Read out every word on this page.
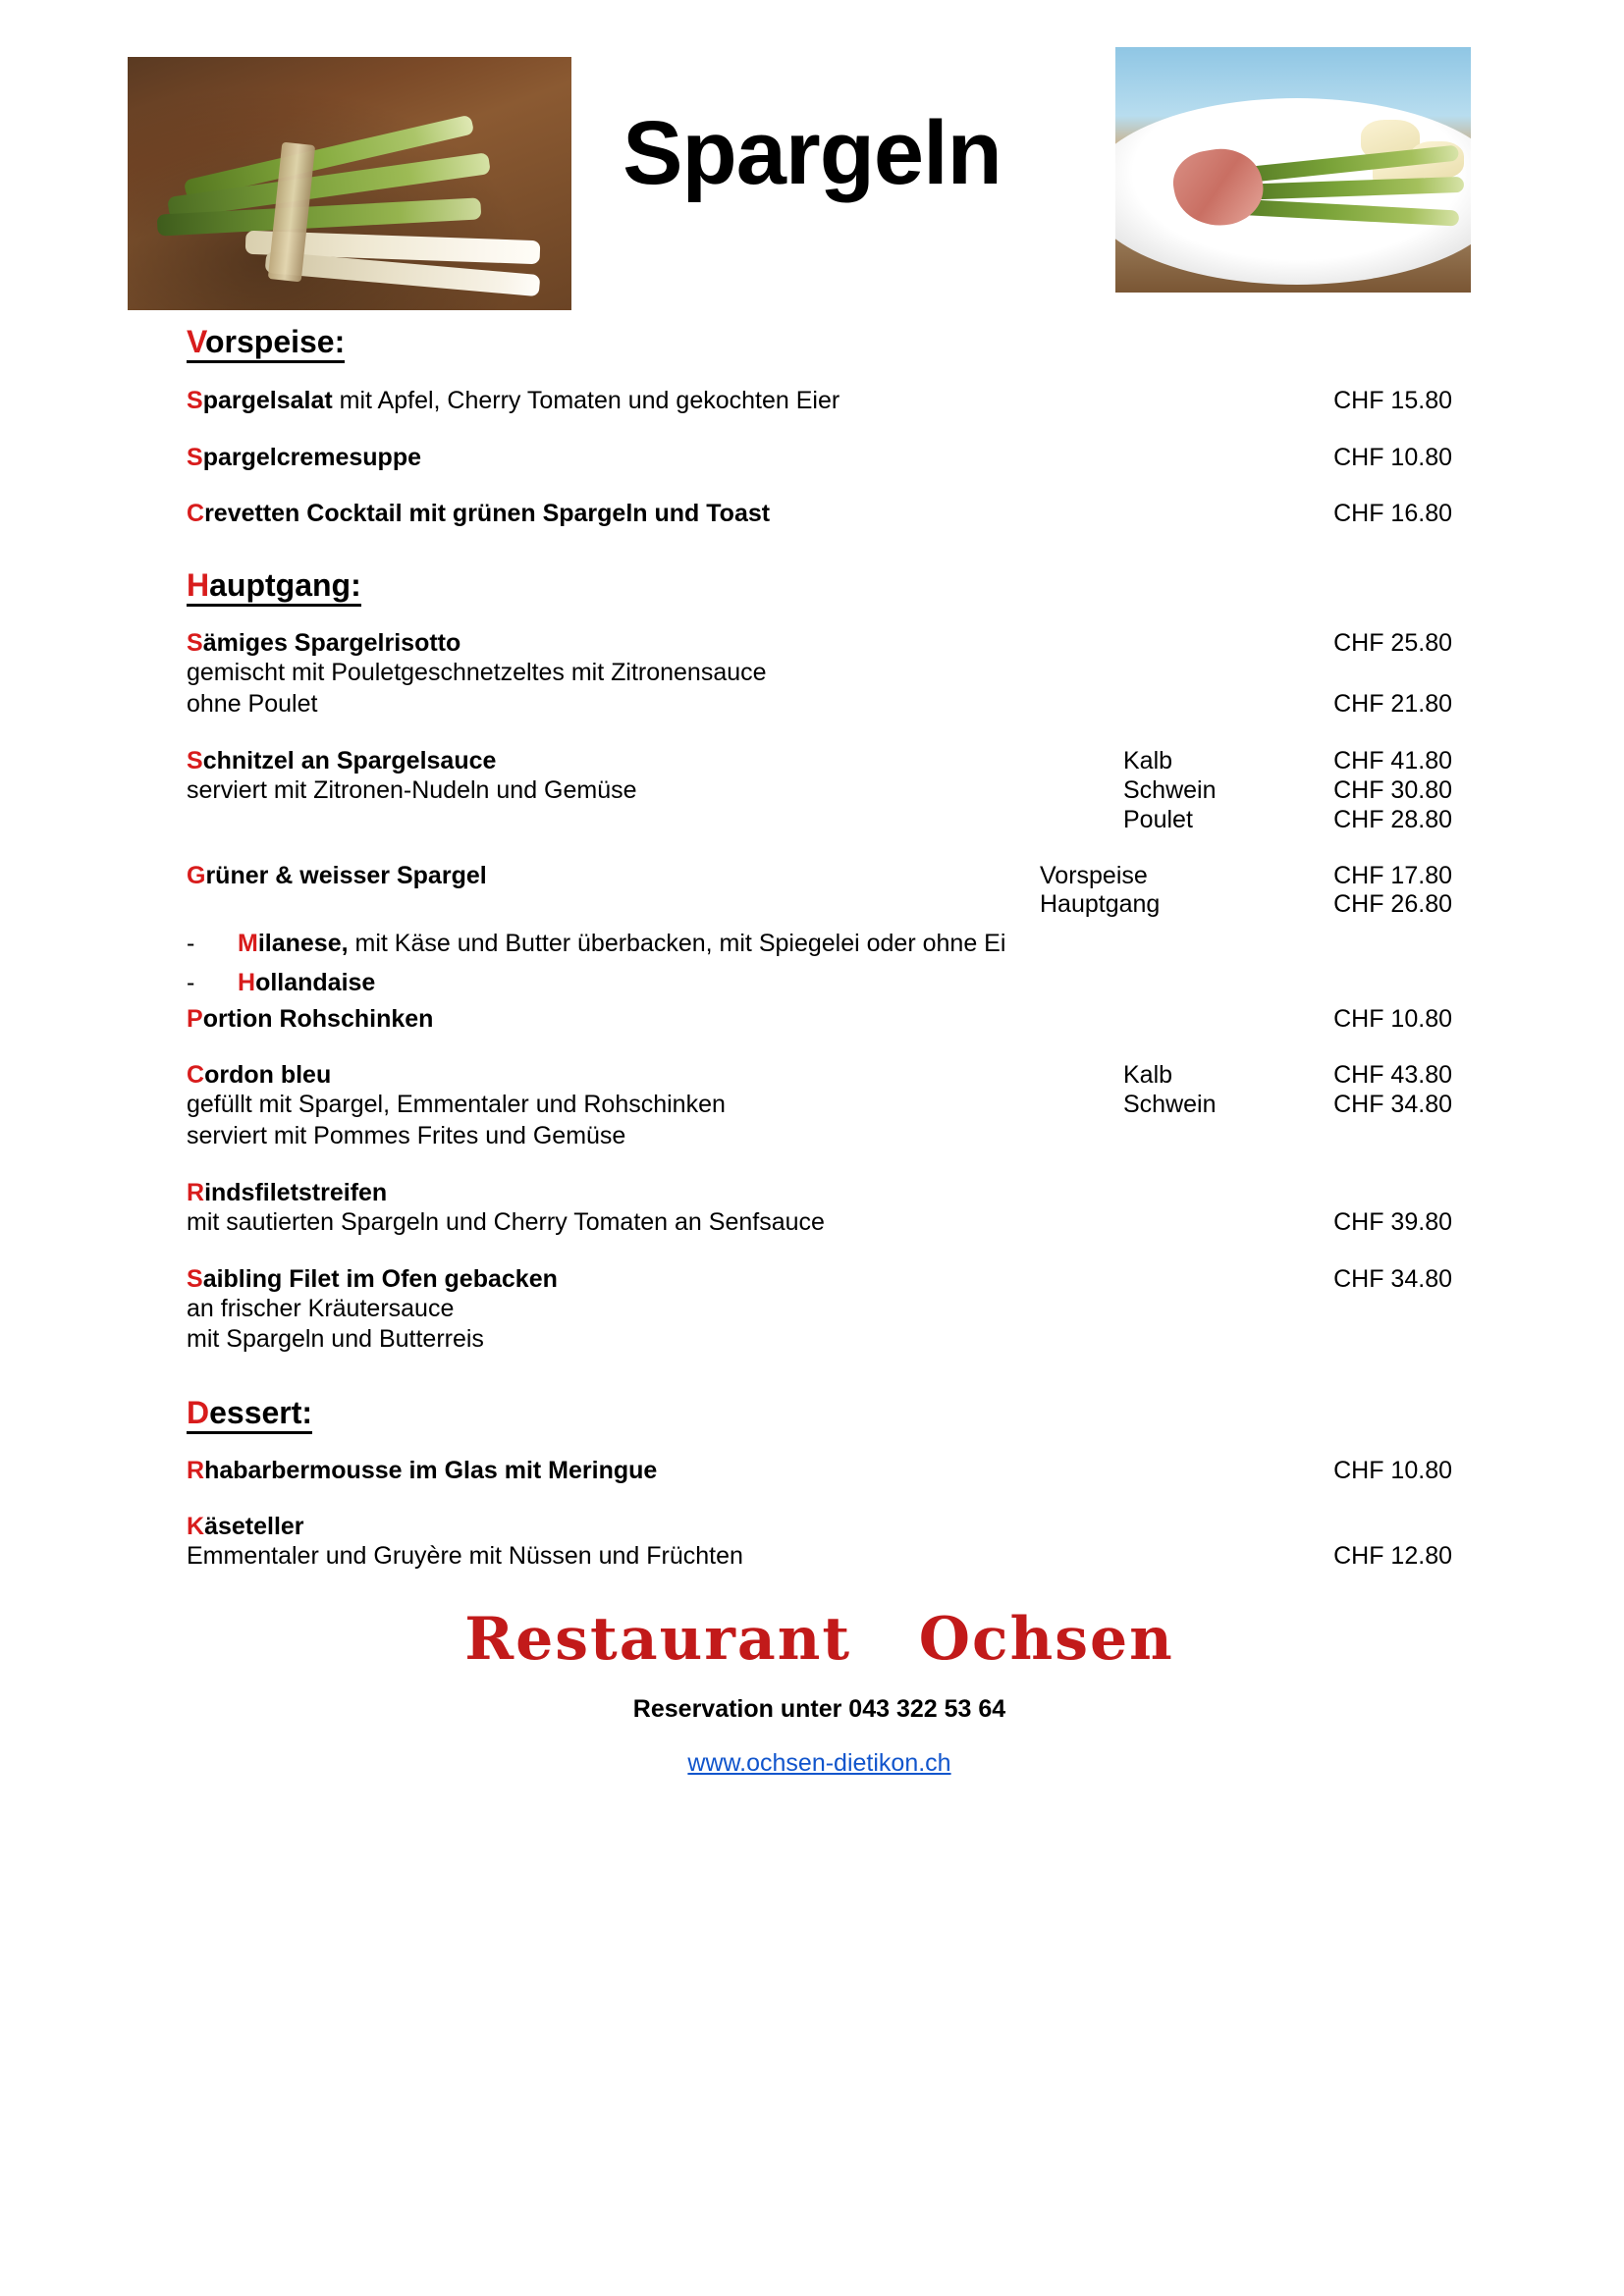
Spargeln
Vorspeise:
Spargelsalat mit Apfel, Cherry Tomaten und gekochten Eier	CHF 15.80
Spargelcremesuppe	CHF 10.80
Crevetten Cocktail mit grünen Spargeln und Toast	CHF 16.80
Hauptgang:
Sämiges Spargelrisotto	CHF 25.80
gemischt mit Pouletgeschnetzeltes mit Zitronensauce
ohne Poulet	CHF 21.80
Schnitzel an Spargelsauce	Kalb	CHF 41.80
serviert mit Zitronen-Nudeln und Gemüse	Schwein	CHF 30.80
Poulet	CHF 28.80
Grüner & weisser Spargel	Vorspeise	CHF 17.80
Hauptgang	CHF 26.80
-	Milanese, mit Käse und Butter überbacken, mit Spiegelei oder ohne Ei
-	Hollandaise
Portion Rohschinken	CHF 10.80
Cordon bleu	Kalb	CHF 43.80
gefüllt mit Spargel, Emmentaler und Rohschinken	Schwein	CHF 34.80
serviert mit Pommes Frites und Gemüse
Rindsfiletstreifen
mit sautierten Spargeln und Cherry Tomaten an Senfsauce	CHF 39.80
Saibling Filet im Ofen gebacken	CHF 34.80
an frischer Kräutersauce
mit Spargeln und Butterreis
Dessert:
Rhabarbermousse im Glas mit Meringue	CHF 10.80
Käseteller
Emmentaler und Gruyère mit Nüssen und Früchten	CHF 12.80
Restaurant Ochsen
Reservation unter 043 322 53 64
www.ochsen-dietikon.ch
